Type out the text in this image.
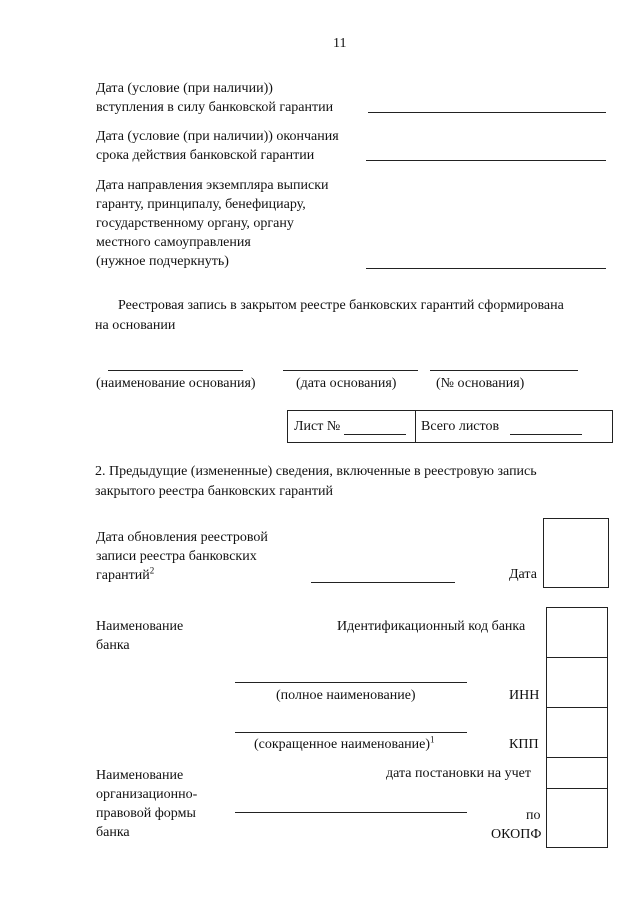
11
Дата (условие (при наличии))
вступления в силу банковской гарантии
Дата (условие (при наличии)) окончания
срока действия банковской гарантии
Дата направления экземпляра выписки
гаранту, принципалу, бенефициару,
государственному органу, органу
местного самоуправления
(нужное подчеркнуть)
Реестровая запись в закрытом реестре банковских гарантий сформирована
на основании
(наименование основания)	(дата основания)	(№ основания)
Лист №	Всего листов
2. Предыдущие (измененные) сведения, включенные в реестровую запись
закрытого реестра банковских гарантий
Дата обновления реестровой
записи реестра банковских
гарантий$^2$	Дата
Наименование
банка
Идентификационный код банка
(полное наименование)	ИНН
(сокращенное наименование)$^1$	КПП
Наименование
организационно-
правовой формы
банка
дата постановки на учет
по
ОКОПФ
